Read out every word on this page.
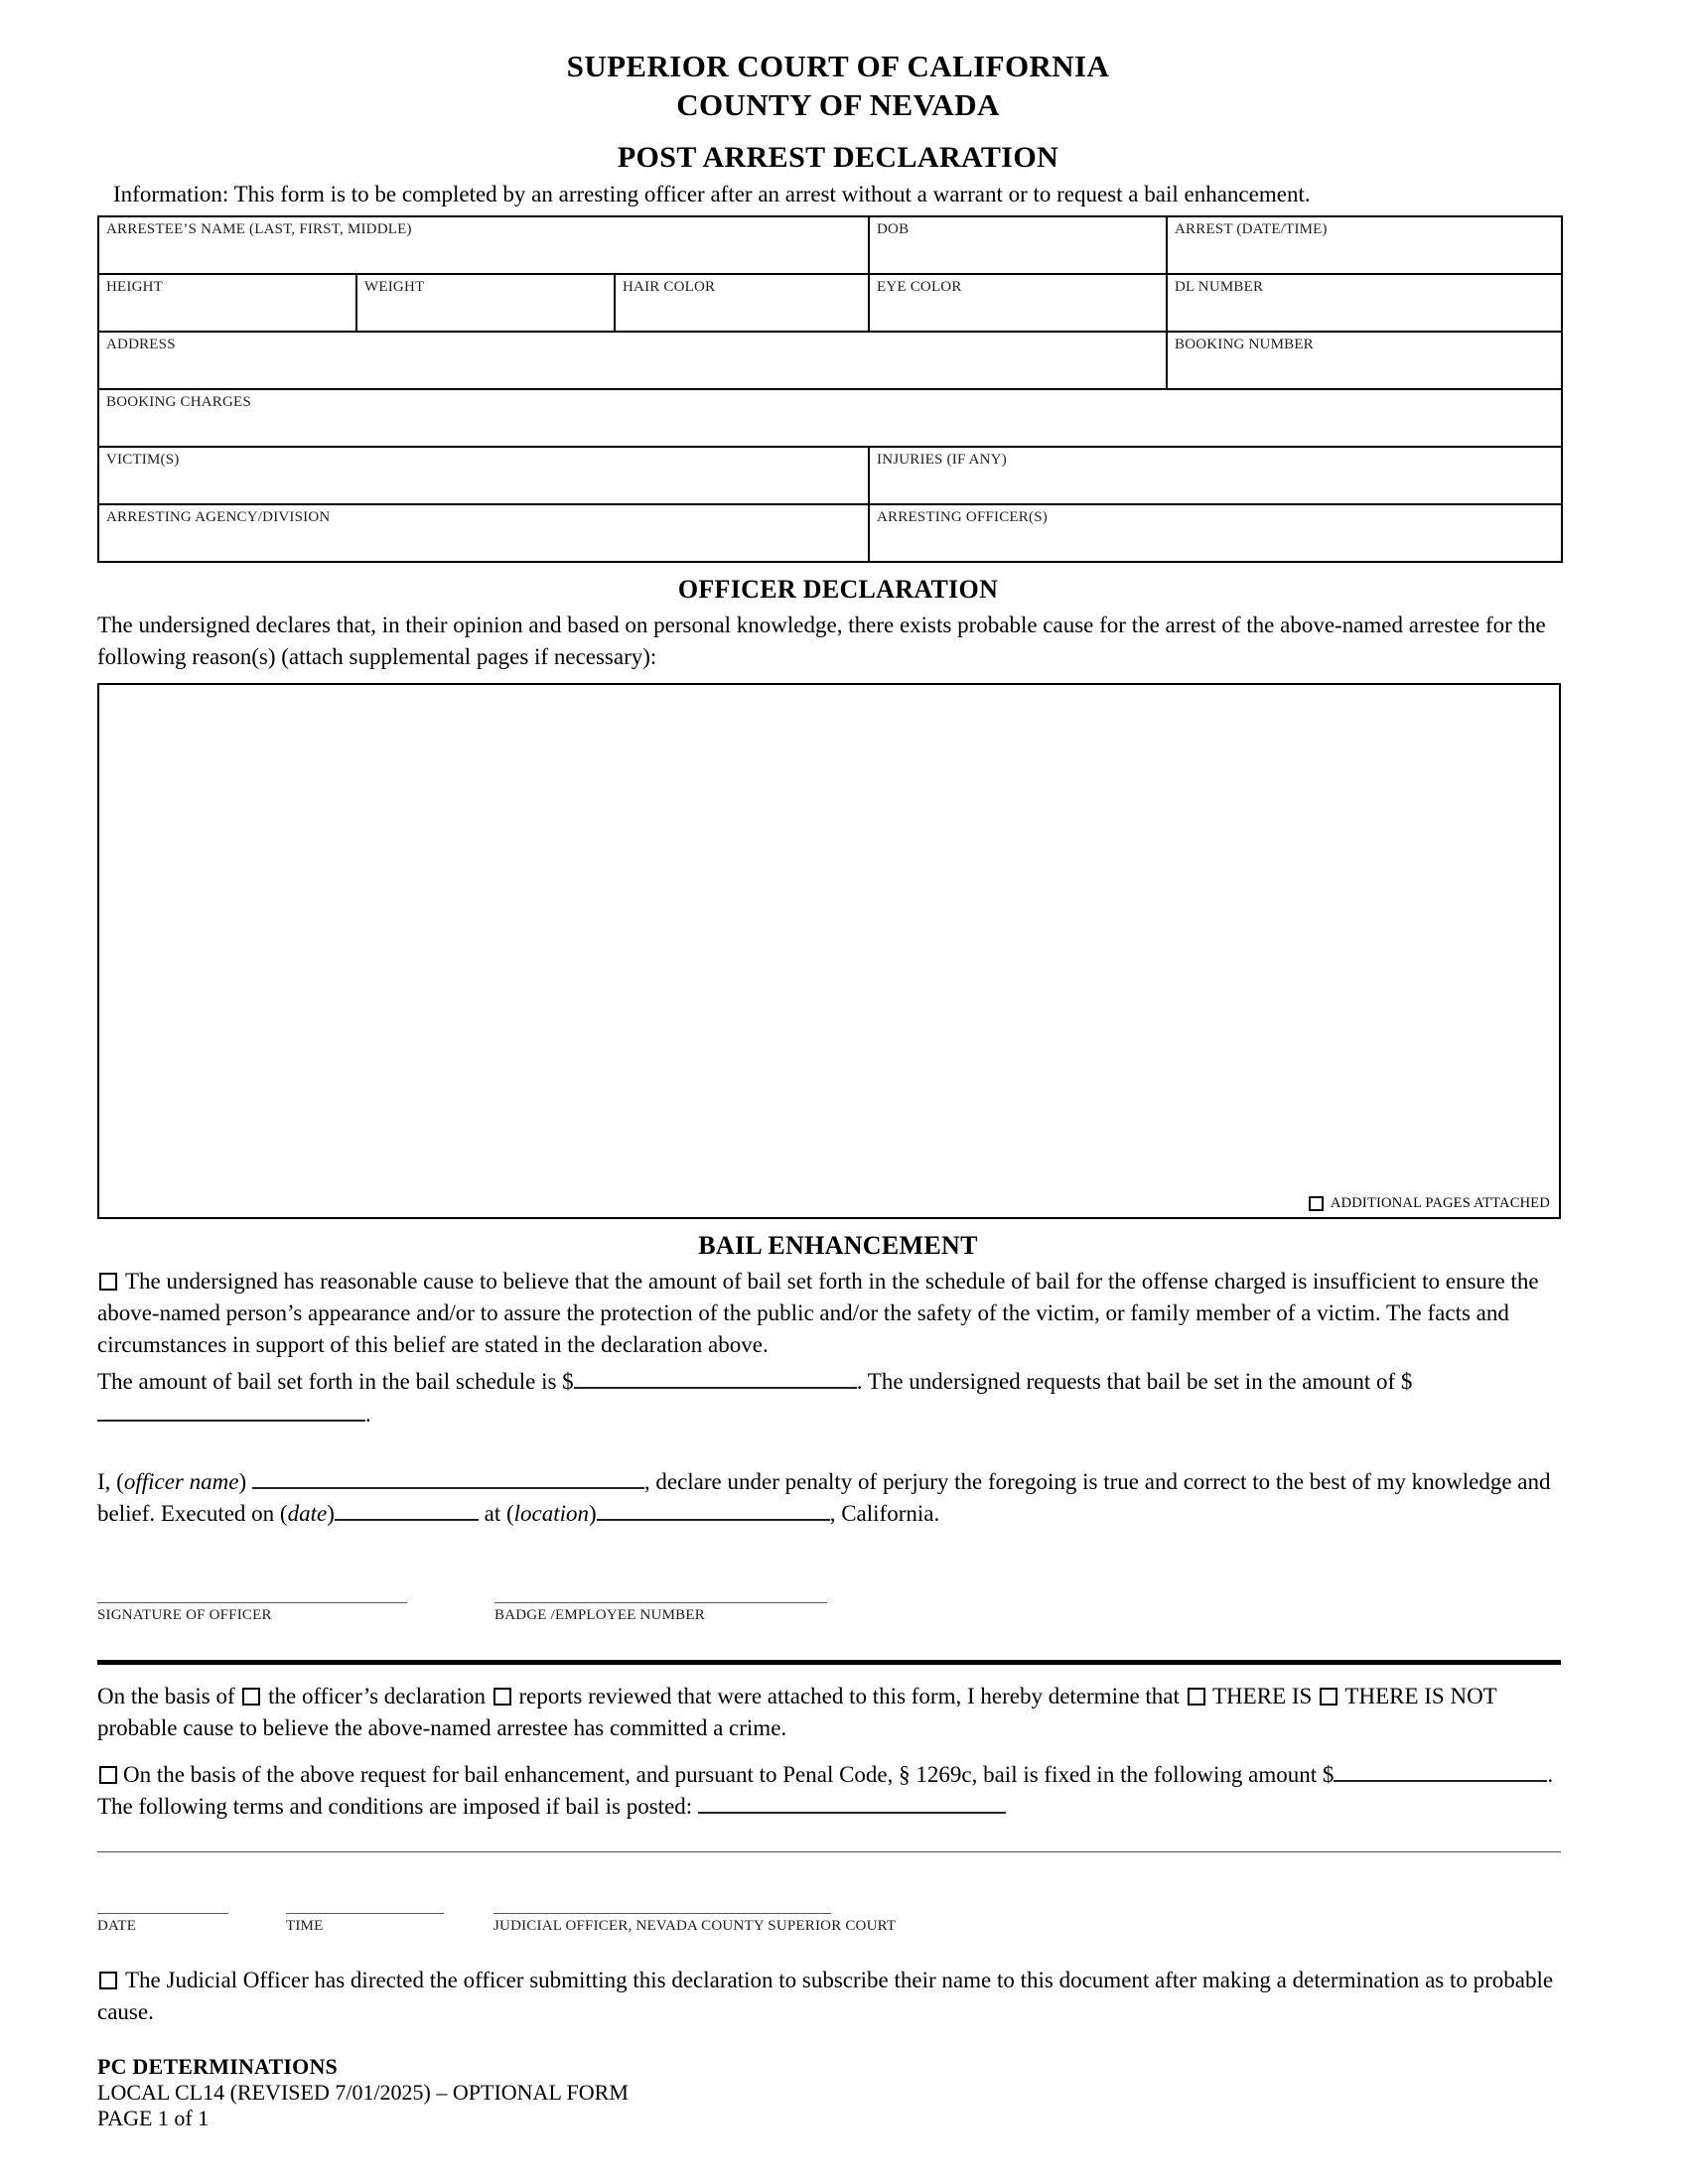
SUPERIOR COURT OF CALIFORNIA
COUNTY OF NEVADA
POST ARREST DECLARATION
Information: This form is to be completed by an arresting officer after an arrest without a warrant or to request a bail enhancement.
ARRESTEE’S NAME (LAST, FIRST, MIDDLE)			DOB	ARREST (DATE/TIME)
HEIGHT	WEIGHT	HAIR COLOR	EYE COLOR	DL NUMBER
ADDRESS				BOOKING NUMBER
BOOKING CHARGES				
VICTIM(S)			INJURIES (IF ANY)	
ARRESTING AGENCY/DIVISION			ARRESTING OFFICER(S)	
OFFICER DECLARATION
The undersigned declares that, in their opinion and based on personal knowledge, there exists probable cause for the arrest of the above-named arrestee for the following reason(s) (attach supplemental pages if necessary):
ADDITIONAL PAGES ATTACHED
BAIL ENHANCEMENT
The undersigned has reasonable cause to believe that the amount of bail set forth in the schedule of bail for the offense charged is insufficient to ensure the above-named person’s appearance and/or to assure the protection of the public and/or the safety of the victim, or family member of a victim. The facts and circumstances in support of this belief are stated in the declaration above.
The amount of bail set forth in the bail schedule is $	. The undersigned requests that bail be set in the amount of $.
I, (officer name)	, declare under penalty of perjury the foregoing is true and correct to the best of my knowledge and belief. Executed on (date)	at (location)	, California.
SIGNATURE OF OFFICER	BADGE /EMPLOYEE NUMBER
On the basis of the officer’s declaration reports reviewed that were attached to this form, I hereby determine that THERE IS THERE IS NOT probable cause to believe the above-named arrestee has committed a crime.
On the basis of the above request for bail enhancement, and pursuant to Penal Code, § 1269c, bail is fixed in the following amount $	. The following terms and conditions are imposed if bail is posted:
DATE	TIME	JUDICIAL OFFICER, NEVADA COUNTY SUPERIOR COURT
The Judicial Officer has directed the officer submitting this declaration to subscribe their name to this document after making a determination as to probable cause.
PC DETERMINATIONS
LOCAL CL14 (REVISED 7/01/2025) – OPTIONAL FORM
PAGE 1 of 1
